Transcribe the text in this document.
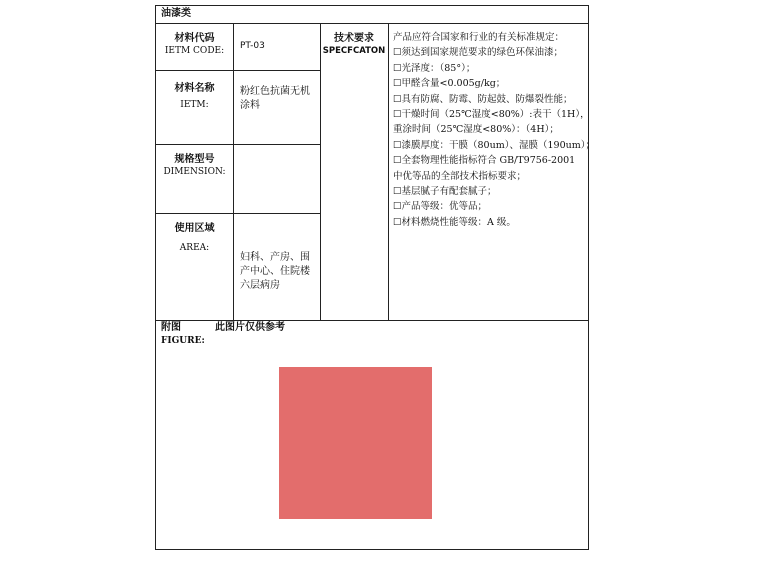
油漆类
材料代码
IETM CODE:	PT-03
材料名称
IETM:
粉红色抗菌无机
涂料
规格型号
DIMENSION:
使用区域
AREA:
妇科、产房、围
产中心、住院楼
六层病房
技术要求
SPECFCATON
产品应符合国家和行业的有关标准规定：
☐须达到国家规范要求的绿色环保油漆；
☐光泽度：（85°）；
☐甲醛含量<0.005g/kg；
☐具有防腐、防霉、防起鼓、防爆裂性能；
☐干燥时间（25℃湿度<80%）:表干（1H），
重涂时间（25℃湿度<80%）：（4H）；
☐漆膜厚度：干膜（80um）、湿膜（190um）；
☐全套物理性能指标符合 GB/T9756-2001
中优等品的全部技术指标要求；
☐基层腻子有配套腻子；
☐产品等级：优等品；
☐材料燃烧性能等级：A 级。
附图	此图片仅供参考
FIGURE:
